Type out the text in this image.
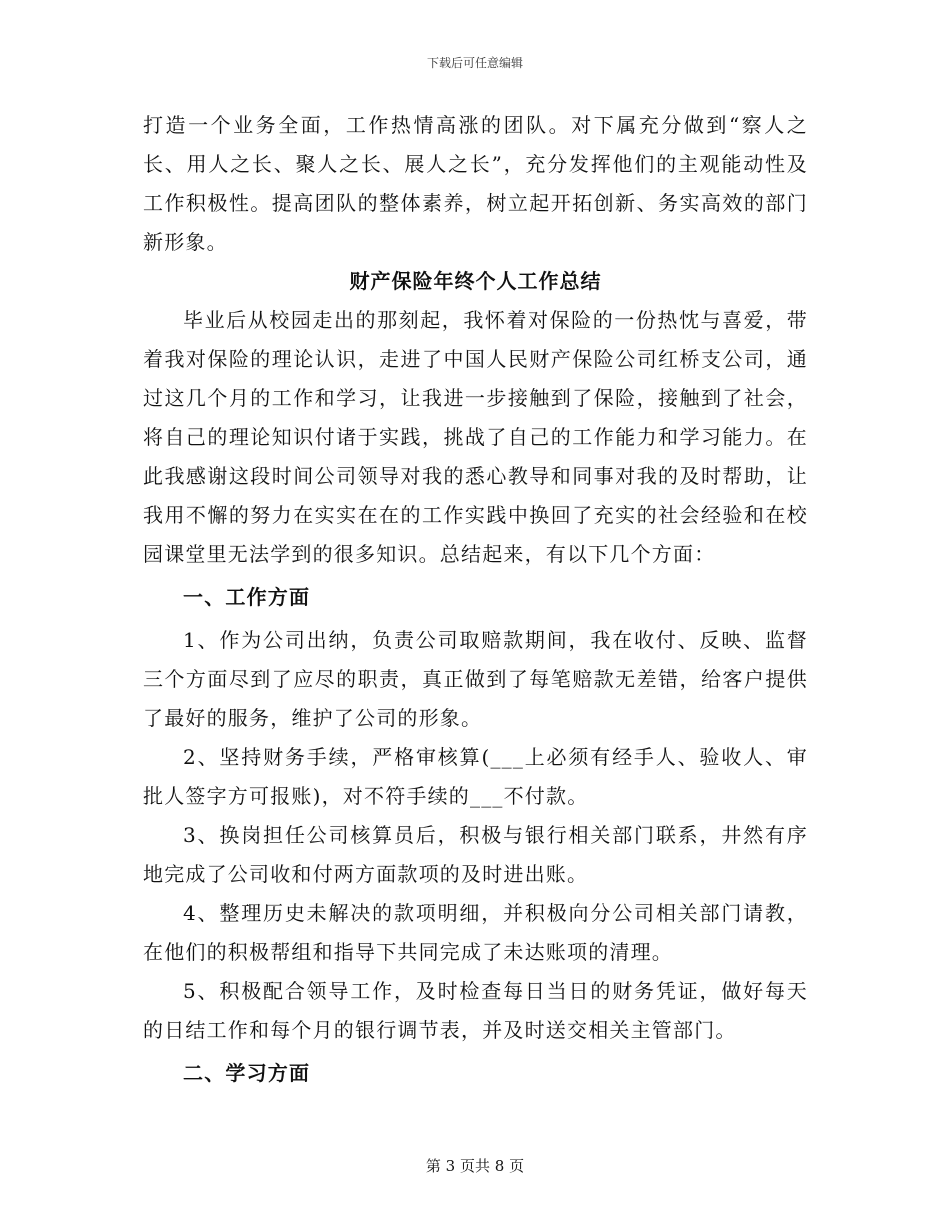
下载后可任意编辑

打造一个业务全面，工作热情高涨的团队。对下属充分做到“察人之长、用人之长、聚人之长、展人之长”，充分发挥他们的主观能动性及工作积极性。提高团队的整体素养，树立起开拓创新、务实高效的部门新形象。

财产保险年终个人工作总结

毕业后从校园走出的那刻起，我怀着对保险的一份热忱与喜爱，带着我对保险的理论认识，走进了中国人民财产保险公司红桥支公司，通过这几个月的工作和学习，让我进一步接触到了保险，接触到了社会，将自己的理论知识付诸于实践，挑战了自己的工作能力和学习能力。在此我感谢这段时间公司领导对我的悉心教导和同事对我的及时帮助，让我用不懈的努力在实实在在的工作实践中换回了充实的社会经验和在校园课堂里无法学到的很多知识。总结起来，有以下几个方面：

一、工作方面

1、作为公司出纳，负责公司取赔款期间，我在收付、反映、监督三个方面尽到了应尽的职责，真正做到了每笔赔款无差错，给客户提供了最好的服务，维护了公司的形象。

2、坚持财务手续，严格审核算(___上必须有经手人、验收人、审批人签字方可报账)，对不符手续的___不付款。

3、换岗担任公司核算员后，积极与银行相关部门联系，井然有序地完成了公司收和付两方面款项的及时进出账。

4、整理历史未解决的款项明细，并积极向分公司相关部门请教，在他们的积极帮组和指导下共同完成了未达账项的清理。

5、积极配合领导工作，及时检查每日当日的财务凭证，做好每天的日结工作和每个月的银行调节表，并及时送交相关主管部门。

二、学习方面

第 3 页共 8 页
